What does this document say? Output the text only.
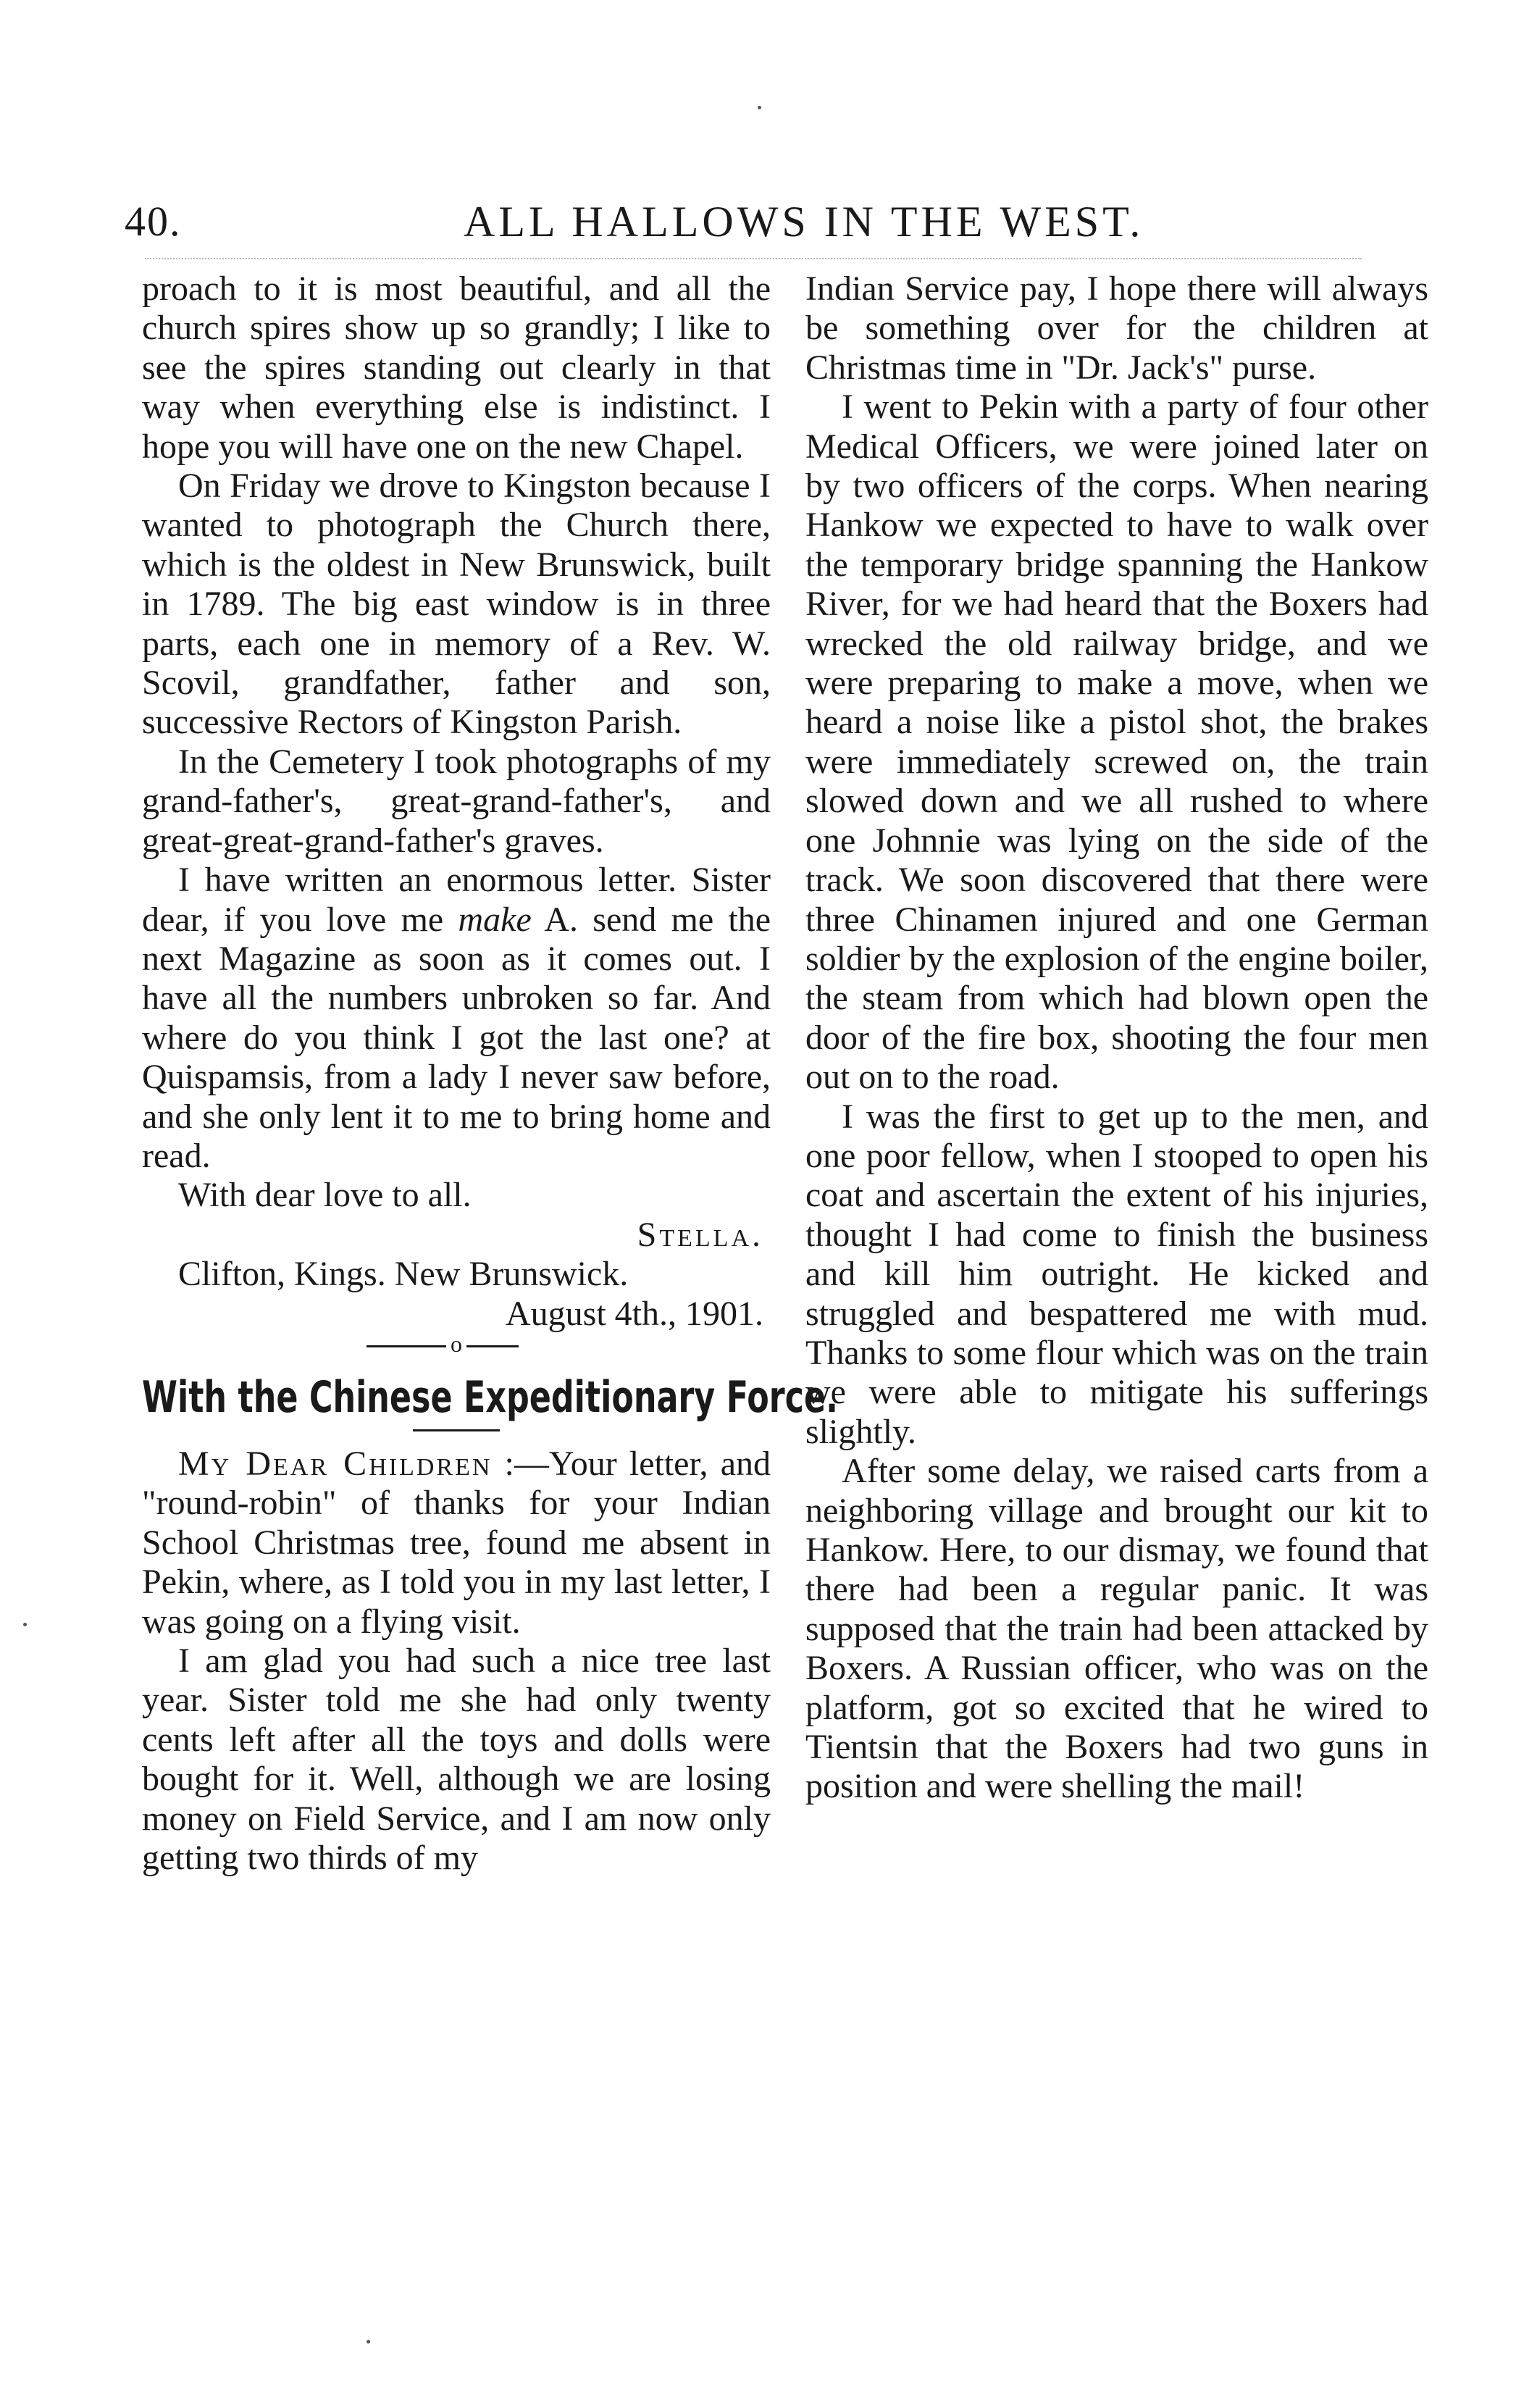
40.	ALL HALLOWS IN THE WEST.

proach to it is most beautiful, and all the church spires show up so grandly; I like to see the spires standing out clearly in that way when everything else is indistinct. I hope you will have one on the new Chapel.

On Friday we drove to Kingston because I wanted to photograph the Church there, which is the oldest in New Brunswick, built in 1789. The big east window is in three parts, each one in memory of a Rev. W. Scovil, grandfather, father and son, successive Rectors of Kingston Parish.

In the Cemetery I took photographs of my grand-father's, great-grand-father's, and great-great-grand-father's graves.

I have written an enormous letter. Sister dear, if you love me make A. send me the next Magazine as soon as it comes out. I have all the numbers unbroken so far. And where do you think I got the last one? at Quispamsis, from a lady I never saw before, and she only lent it to me to bring home and read.

With dear love to all.

Stella.

Clifton, Kings. New Brunswick.

August 4th., 1901.
o
With the Chinese Expeditionary Force.

My Dear Children :—Your letter, and "round-robin" of thanks for your Indian School Christmas tree, found me absent in Pekin, where, as I told you in my last letter, I was going on a flying visit.

I am glad you had such a nice tree last year. Sister told me she had only twenty cents left after all the toys and dolls were bought for it. Well, although we are losing money on Field Service, and I am now only getting two thirds of my

Indian Service pay, I hope there will always be something over for the children at Christmas time in "Dr. Jack's" purse.

I went to Pekin with a party of four other Medical Officers, we were joined later on by two officers of the corps. When nearing Hankow we expected to have to walk over the temporary bridge spanning the Hankow River, for we had heard that the Boxers had wrecked the old railway bridge, and we were preparing to make a move, when we heard a noise like a pistol shot, the brakes were immediately screwed on, the train slowed down and we all rushed to where one Johnnie was lying on the side of the track. We soon discovered that there were three Chinamen injured and one German soldier by the explosion of the engine boiler, the steam from which had blown open the door of the fire box, shooting the four men out on to the road.

I was the first to get up to the men, and one poor fellow, when I stooped to open his coat and ascertain the extent of his injuries, thought I had come to finish the business and kill him outright. He kicked and struggled and bespattered me with mud. Thanks to some flour which was on the train we were able to mitigate his sufferings slightly.

After some delay, we raised carts from a neighboring village and brought our kit to Hankow. Here, to our dismay, we found that there had been a regular panic. It was supposed that the train had been attacked by Boxers. A Russian officer, who was on the platform, got so excited that he wired to Tientsin that the Boxers had two guns in position and were shelling the mail!
